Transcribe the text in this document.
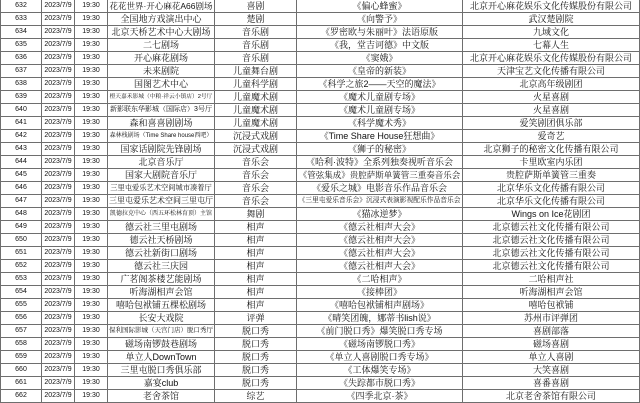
632	2023/7/9	19:30	花花世界·开心麻花A66剧场	喜剧	《偏心蜂蜜》	北京开心麻花娱乐文化传媒股份有限公司
633	2023/7/9	19:30	全国地方戏演出中心	楚剧	《向警予》	武汉楚剧院
634	2023/7/9	19:30	北京天桥艺术中心大剧场	音乐剧	《罗密欧与朱丽叶》法语原版	九域文化
635	2023/7/9	19:30	二七剧场	音乐剧	《我，堂吉诃德》中文版	七幕人生
636	2023/7/9	19:30	开心麻花剧场	音乐剧	《窦娥》	北京开心麻花娱乐文化传媒股份有限公司
637	2023/7/9	19:30	未来剧院	儿童舞台剧	《皇帝的新装》	天津宝艺文化传播有限公司
638	2023/7/9	19:30	国图艺术中心	儿童科学剧	《科学之旅2——天空的魔法》	北京高年级剧团
639	2023/7/9	19:30	橙天嘉禾影城（中粮·祥云小镇店）2号厅	儿童魔术剧	《魔术儿童剧专场》	火星喜剧
640	2023/7/9	19:30	新影联东华影城（国际店）3号厅	儿童魔术剧	《魔术儿童剧专场》	火星喜剧
641	2023/7/9	19:30	森和喜喜剧剧场	儿童魔术剧	《科学魔术秀》	爱笑剧团俱乐部
642	2023/7/9	19:30	森林栈剧场（Time Share house西吧）	沉浸式戏剧	《Time Share House狂想曲》	爱奇艺
643	2023/7/9	19:30	国家话剧院先锋剧场	沉浸式戏剧	《狮子的秘密》	北京狮子的秘密文化传播有限公司
644	2023/7/9	19:30	北京音乐厅	音乐会	《哈利·波特》全系列独奏视听音乐会	卡里欧室内乐团
645	2023/7/9	19:30	国家大剧院音乐厅	音乐会	《管弦集成》贵腔萨斯单簧管三重奏音乐会	贵腔萨斯单簧管三重奏
646	2023/7/9	19:30	三里屯爱乐艺术空间城市凑着厅	音乐会	《爱乐之城》电影音乐作品音乐会	北京华乐文化传播有限公司
647	2023/7/9	19:30	三里屯爱乐艺术空间三里屯厅	音乐会	《三里屯爱乐音乐会》沉浸式表演影视配乐作品音乐会	北京华乐文化传播有限公司
648	2023/7/9	19:30	凯德拉克中心（西五环松林育顶）主馆	舞剧	《猫冰逆梦》	Wings on Ice花剧团
649	2023/7/9	19:30	德云社三里屯剧场	相声	《德云社相声大会》	北京德云社文化传播有限公司
650	2023/7/9	19:30	德云社天桥剧场	相声	《德云社相声大会》	北京德云社文化传播有限公司
651	2023/7/9	19:30	德云社新街口剧场	相声	《德云社相声大会》	北京德云社文化传播有限公司
652	2023/7/9	19:30	德云社三庆园	相声	《德云社相声大会》	北京德云社文化传播有限公司
653	2023/7/9	19:30	广茗阁茶楼艺能剧场	相声	《二哈相声》	二哈相声社
654	2023/7/9	19:30	听海湖相声会馆	相声	《接棒团》	听海湖相声会馆
655	2023/7/9	19:30	嘻哈包袱铺五棵松剧场	相声	《嘻哈包袱铺相声剧场》	嘻哈包袱铺
656	2023/7/9	19:30	长安大戏院	评弹	《晴笑团魄，娜蒂书lish说》	苏州市评弹团
657	2023/7/9	19:30	保利国际影城（天宫门店）脱口秀厅	脱口秀	《前门脱口秀》爆笑脱口秀专场	喜剧部落
658	2023/7/9	19:30	磁场南锣鼓巷剧场	脱口秀	《磁场南锣脱口秀》	磁场喜剧
659	2023/7/9	19:30	单立人DownTown	脱口秀	《单立人喜剧脱口秀专场》	单立人喜剧
660	2023/7/9	19:30	三里屯脱口秀俱乐部	脱口秀	《工体爆笑专场》	大笑喜剧
661	2023/7/9	19:30	嘉宴club	脱口秀	《失踪都市脱口秀》	喜番喜剧
662	2023/7/9	19:30	老舍茶馆	综艺	《四季北京·茶》	北京老舍茶馆有限公司
